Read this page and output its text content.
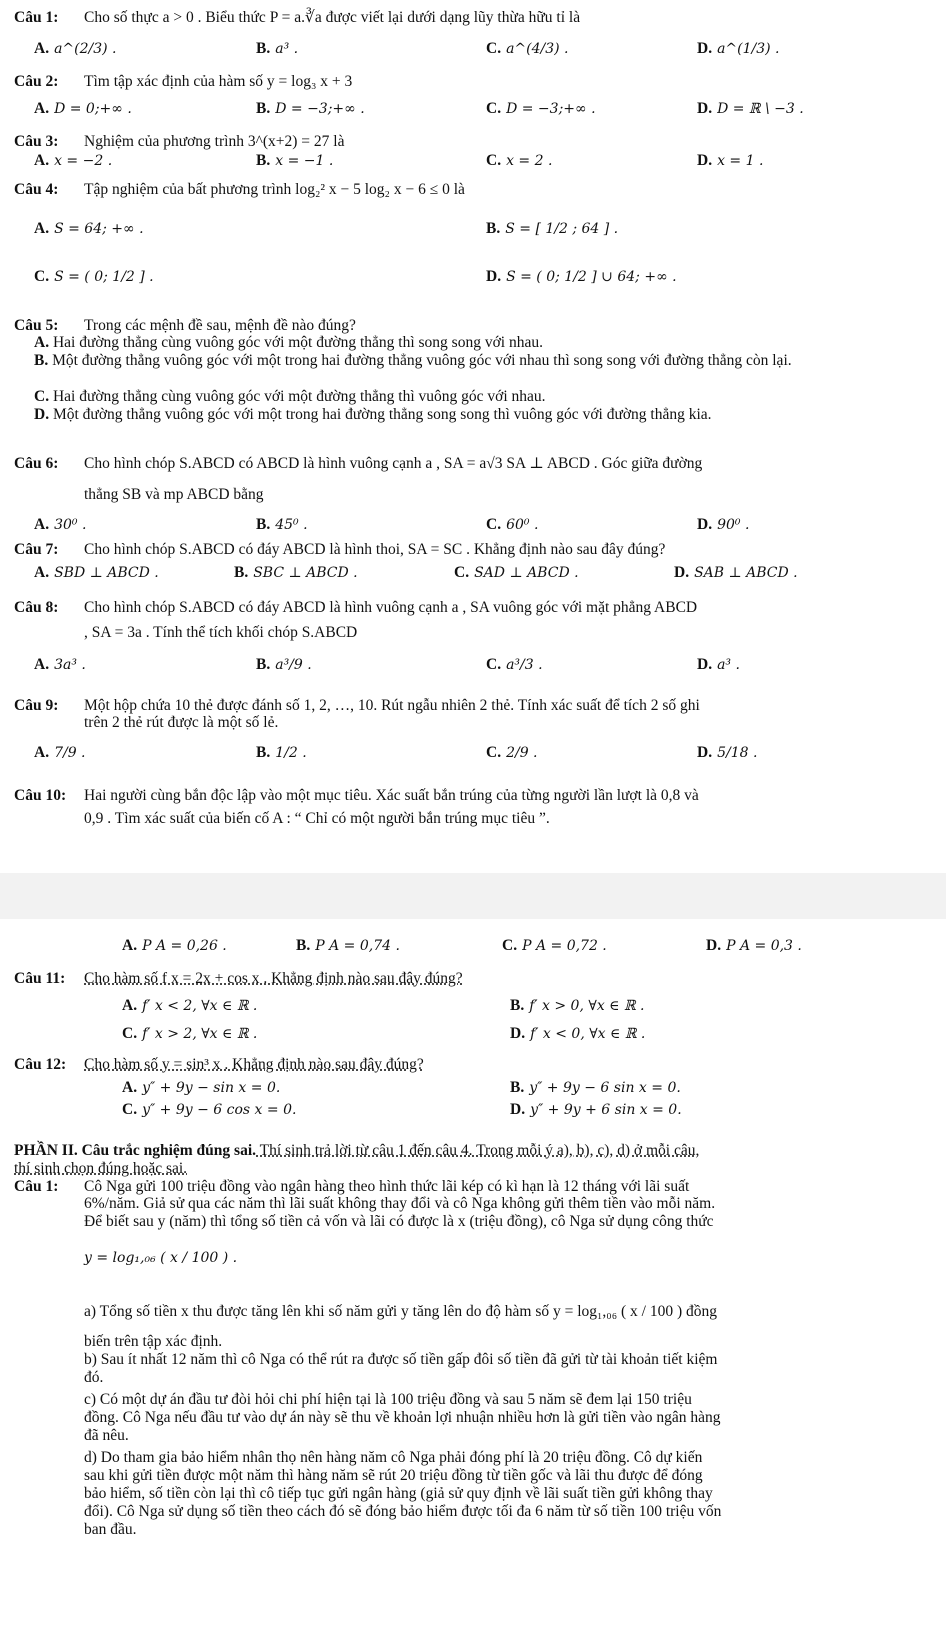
Câu 1: Cho số thực a > 0 . Biểu thức P = a.∛a được viết lại dưới dạng lũy thừa hữu tỉ là
A. a^(2/3) .	B. a³ .	C. a^(4/3) .	D. a^(1/3) .
Câu 2: Tìm tập xác định của hàm số y = log₃ x + 3
A. D = 0;+∞ .	B. D = −3;+∞ .	C. D = −3;+∞ .	D. D = ℝ \ −3 .
Câu 3: Nghiệm của phương trình 3^(x+2) = 27 là
A. x = −2 .	B. x = −1 .	C. x = 2 .	D. x = 1 .
Câu 4: Tập nghiệm của bất phương trình log₂² x − 5 log₂ x − 6 ≤ 0 là
A. S = 64; +∞ .	B. S = [ 1/2 ; 64 ] .
C. S = ( 0; 1/2 ] .	D. S = ( 0; 1/2 ] ∪ 64; +∞ .
Câu 5: Trong các mệnh đề sau, mệnh đề nào đúng?
A. Hai đường thẳng cùng vuông góc với một đường thẳng thì song song với nhau.
B. Một đường thẳng vuông góc với một trong hai đường thẳng vuông góc với nhau thì song song với đường thẳng còn lại.
C. Hai đường thẳng cùng vuông góc với một đường thẳng thì vuông góc với nhau.
D. Một đường thẳng vuông góc với một trong hai đường thẳng song song thì vuông góc với đường thẳng kia.
Câu 6: Cho hình chóp S.ABCD có ABCD là hình vuông cạnh a , SA = a√3 SA ⊥ ABCD . Góc giữa đường
thẳng SB và mp ABCD bằng
A. 30⁰ .	B. 45⁰ .	C. 60⁰ .	D. 90⁰ .
Câu 7: Cho hình chóp S.ABCD có đáy ABCD là hình thoi, SA = SC . Khẳng định nào sau đây đúng?
A. SBD ⊥ ABCD .	B. SBC ⊥ ABCD .	C. SAD ⊥ ABCD .	D. SAB ⊥ ABCD .
Câu 8: Cho hình chóp S.ABCD có đáy ABCD là hình vuông cạnh a , SA vuông góc với mặt phẳng ABCD
, SA = 3a . Tính thể tích khối chóp S.ABCD
A. 3a³ .	B. a³/9 .	C. a³/3 .	D. a³ .
Câu 9: Một hộp chứa 10 thẻ được đánh số 1, 2, …, 10. Rút ngẫu nhiên 2 thẻ. Tính xác suất để tích 2 số ghi
trên 2 thẻ rút được là một số lẻ.
A. 7/9 .	B. 1/2 .	C. 2/9 .	D. 5/18 .
Câu 10: Hai người cùng bắn độc lập vào một mục tiêu. Xác suất bắn trúng của từng người lần lượt là 0,8 và
0,9 . Tìm xác suất của biến cố A : “ Chỉ có một người bắn trúng mục tiêu ”.
A. P A = 0,26 .	B. P A = 0,74 .	C. P A = 0,72 .	D. P A = 0,3 .
Câu 11: Cho hàm số f x = 2x + cos x . Khẳng định nào sau đây đúng?
A. f′ x < 2, ∀x ∈ ℝ .	B. f′ x > 0, ∀x ∈ ℝ .
C. f′ x > 2, ∀x ∈ ℝ .	D. f′ x < 0, ∀x ∈ ℝ .
Câu 12: Cho hàm số y = sin³ x . Khẳng định nào sau đây đúng?
A. y″ + 9y − sin x = 0.	B. y″ + 9y − 6 sin x = 0.
C. y″ + 9y − 6 cos x = 0.	D. y″ + 9y + 6 sin x = 0.
PHẦN II. Câu trắc nghiệm đúng sai. Thí sinh trả lời từ câu 1 đến câu 4. Trong mỗi ý a), b), c), d) ở mỗi câu,
thí sinh chọn đúng hoặc sai.
Câu 1: Cô Nga gửi 100 triệu đồng vào ngân hàng theo hình thức lãi kép có kì hạn là 12 tháng với lãi suất
6%/năm. Giả sử qua các năm thì lãi suất không thay đổi và cô Nga không gửi thêm tiền vào mỗi năm.
Để biết sau y (năm) thì tổng số tiền cả vốn và lãi có được là x (triệu đồng), cô Nga sử dụng công thức
y = log₁,₀₆ ( x / 100 ) .
a) Tổng số tiền x thu được tăng lên khi số năm gửi y tăng lên do độ hàm số y = log₁,₀₆ ( x / 100 ) đồng
biến trên tập xác định.
b) Sau ít nhất 12 năm thì cô Nga có thể rút ra được số tiền gấp đôi số tiền đã gửi từ tài khoản tiết kiệm
đó.
c) Có một dự án đầu tư đòi hỏi chi phí hiện tại là 100 triệu đồng và sau 5 năm sẽ đem lại 150 triệu
đồng. Cô Nga nếu đầu tư vào dự án này sẽ thu về khoản lợi nhuận nhiều hơn là gửi tiền vào ngân hàng
đã nêu.
d) Do tham gia bảo hiểm nhân thọ nên hàng năm cô Nga phải đóng phí là 20 triệu đồng. Cô dự kiến
sau khi gửi tiền được một năm thì hàng năm sẽ rút 20 triệu đồng từ tiền gốc và lãi thu được để đóng
bảo hiểm, số tiền còn lại thì cô tiếp tục gửi ngân hàng (giả sử quy định về lãi suất tiền gửi không thay
đổi). Cô Nga sử dụng số tiền theo cách đó sẽ đóng bảo hiểm được tối đa 6 năm từ số tiền 100 triệu vốn
ban đầu.
